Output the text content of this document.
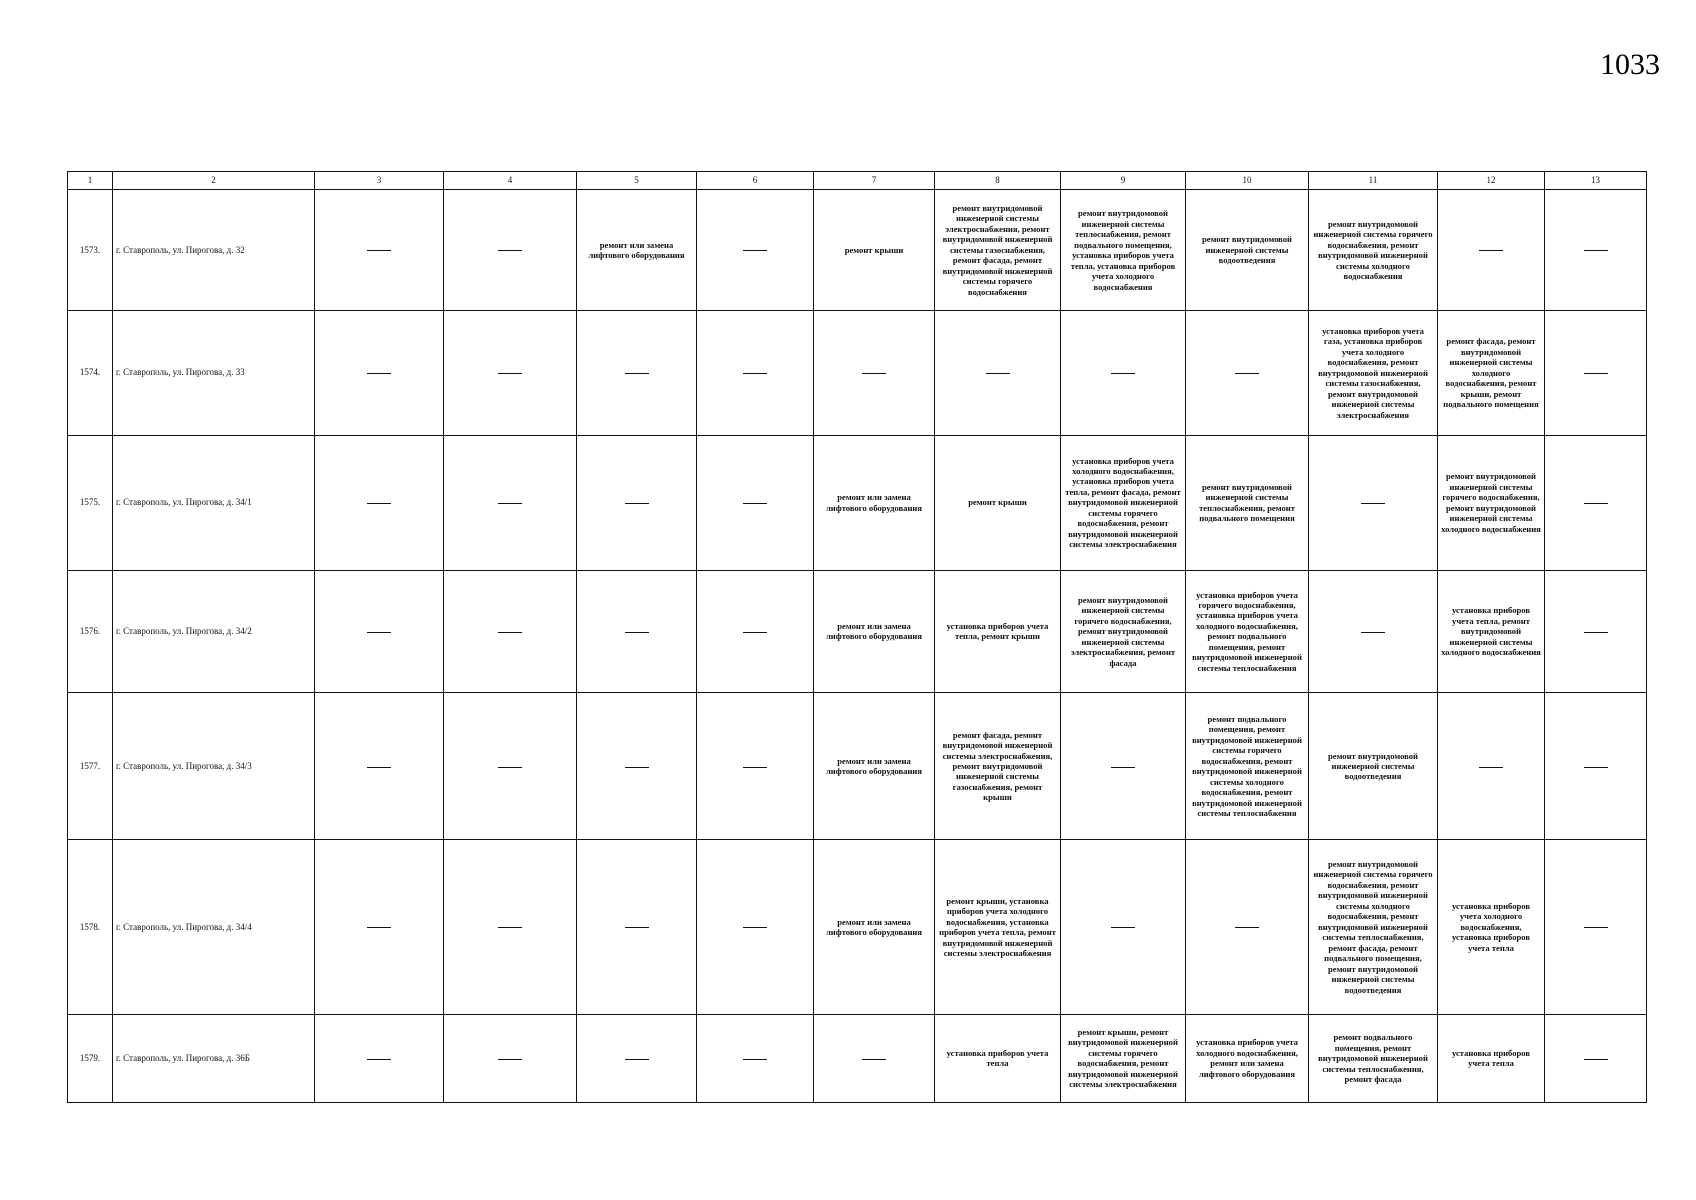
1033
1	2	3	4	5	6	7	8	9	10	11	12	13
1573.	г. Ставрополь, ул. Пирогова, д. 32			ремонт или замена лифтового оборудования		ремонт крыши	ремонт внутридомовой инженерной системы электроснабжения, ремонт внутридомовой инженерной системы газоснабжения, ремонт фасада, ремонт внутридомовой инженерной системы горячего водоснабжения	ремонт внутридомовой инженерной системы теплоснабжения, ремонт подвального помещения, установка приборов учета тепла, установка приборов учета холодного водоснабжения	ремонт внутридомовой инженерной системы водоотведения	ремонт внутридомовой инженерной системы горячего водоснабжения, ремонт внутридомовой инженерной системы холодного водоснабжения		
1574.	г. Ставрополь, ул. Пирогова, д. 33									установка приборов учета газа, установка приборов учета холодного водоснабжения, ремонт внутридомовой инженерной системы газоснабжения, ремонт внутридомовой инженерной системы электроснабжения	ремонт фасада, ремонт внутридомовой инженерной системы холодного водоснабжения, ремонт крыши, ремонт подвального помещения	
1575.	г. Ставрополь, ул. Пирогова, д. 34/1					ремонт или замена лифтового оборудования	ремонт крыши	установка приборов учета холодного водоснабжения, установка приборов учета тепла, ремонт фасада, ремонт внутридомовой инженерной системы горячего водоснабжения, ремонт внутридомовой инженерной системы электроснабжения	ремонт внутридомовой инженерной системы теплоснабжения, ремонт подвального помещения		ремонт внутридомовой инженерной системы горячего водоснабжения, ремонт внутридомовой инженерной системы холодного водоснабжения	
1576.	г. Ставрополь, ул. Пирогова, д. 34/2					ремонт или замена лифтового оборудования	установка приборов учета тепла, ремонт крыши	ремонт внутридомовой инженерной системы горячего водоснабжения, ремонт внутридомовой инженерной системы электроснабжения, ремонт фасада	установка приборов учета горячего водоснабжения, установка приборов учета холодного водоснабжения, ремонт подвального помещения, ремонт внутридомовой инженерной системы теплоснабжения		установка приборов учета тепла, ремонт внутридомовой инженерной системы холодного водоснабжения	
1577.	г. Ставрополь, ул. Пирогова, д. 34/3					ремонт или замена лифтового оборудования	ремонт фасада, ремонт внутридомовой инженерной системы электроснабжения, ремонт внутридомовой инженерной системы газоснабжения, ремонт крыши		ремонт подвального помещения, ремонт внутридомовой инженерной системы горячего водоснабжения, ремонт внутридомовой инженерной системы холодного водоснабжения, ремонт внутридомовой инженерной системы теплоснабжения	ремонт внутридомовой инженерной системы водоотведения		
1578.	г. Ставрополь, ул. Пирогова, д. 34/4					ремонт или замена лифтового оборудования	ремонт крыши, установка приборов учета холодного водоснабжения, установка приборов учета тепла, ремонт внутридомовой инженерной системы электроснабжения			ремонт внутридомовой инженерной системы горячего водоснабжения, ремонт внутридомовой инженерной системы холодного водоснабжения, ремонт внутридомовой инженерной системы теплоснабжения, ремонт фасада, ремонт подвального помещения, ремонт внутридомовой инженерной системы водоотведения	установка приборов учета холодного водоснабжения, установка приборов учета тепла	
1579.	г. Ставрополь, ул. Пирогова, д. 36Б						установка приборов учета тепла	ремонт крыши, ремонт внутридомовой инженерной системы горячего водоснабжения, ремонт внутридомовой инженерной системы электроснабжения	установка приборов учета холодного водоснабжения, ремонт или замена лифтового оборудования	ремонт подвального помещения, ремонт внутридомовой инженерной системы теплоснабжения, ремонт фасада	установка приборов учета тепла	
